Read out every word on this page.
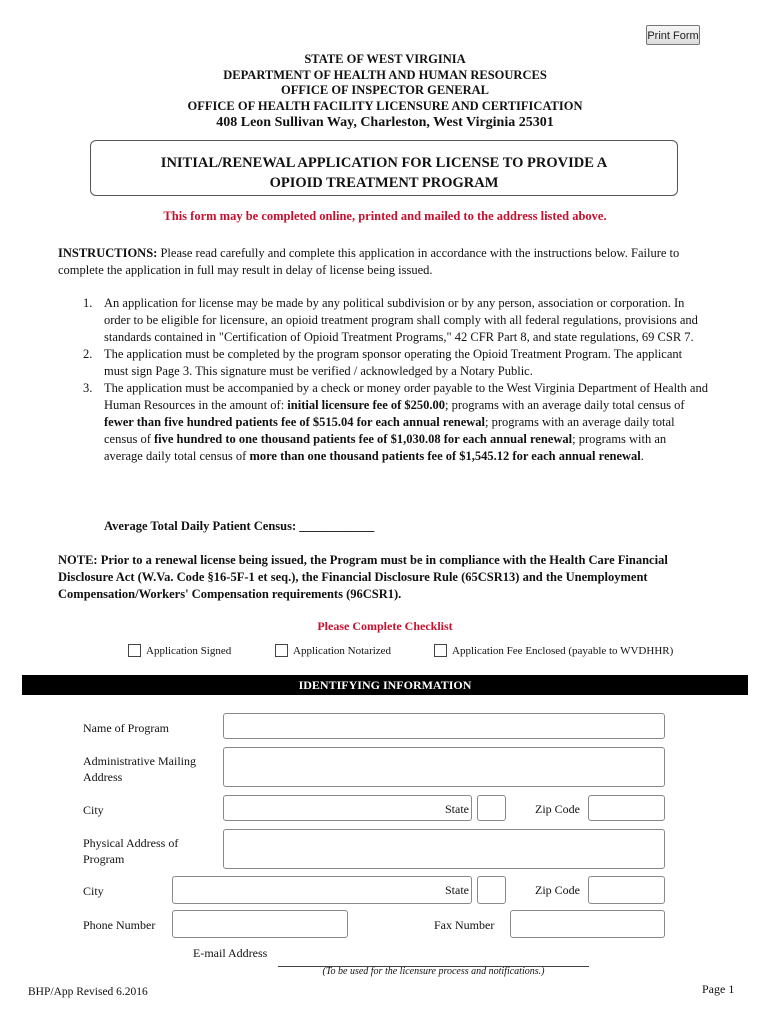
Print Form
STATE OF WEST VIRGINIA
DEPARTMENT OF HEALTH AND HUMAN RESOURCES
OFFICE OF INSPECTOR GENERAL
OFFICE OF HEALTH FACILITY LICENSURE AND CERTIFICATION
408 Leon Sullivan Way, Charleston, West Virginia 25301
INITIAL/RENEWAL APPLICATION FOR LICENSE TO PROVIDE A
OPIOID TREATMENT PROGRAM
This form may be completed online, printed and mailed to the address listed above.
INSTRUCTIONS: Please read carefully and complete this application in accordance with the instructions below. Failure to complete the application in full may result in delay of license being issued.
1. An application for license may be made by any political subdivision or by any person, association or corporation. In order to be eligible for licensure, an opioid treatment program shall comply with all federal regulations, provisions and standards contained in "Certification of Opioid Treatment Programs," 42 CFR Part 8, and state regulations, 69 CSR 7.
2. The application must be completed by the program sponsor operating the Opioid Treatment Program. The applicant must sign Page 3. This signature must be verified / acknowledged by a Notary Public.
3. The application must be accompanied by a check or money order payable to the West Virginia Department of Health and Human Resources in the amount of: initial licensure fee of $250.00; programs with an average daily total census of fewer than five hundred patients fee of $515.04 for each annual renewal; programs with an average daily total census of five hundred to one thousand patients fee of $1,030.08 for each annual renewal; programs with an average daily total census of more than one thousand patients fee of $1,545.12 for each annual renewal.
Average Total Daily Patient Census: ____________
NOTE: Prior to a renewal license being issued, the Program must be in compliance with the Health Care Financial Disclosure Act (W.Va. Code §16-5F-1 et seq.), the Financial Disclosure Rule (65CSR13) and the Unemployment Compensation/Workers' Compensation requirements (96CSR1).
Please Complete Checklist
Application Signed	Application Notarized	Application Fee Enclosed (payable to WVDHHR)
IDENTIFYING INFORMATION
Name of Program
Administrative Mailing Address
City	State	Zip Code
Physical Address of Program
City	State	Zip Code
Phone Number	Fax Number
E-mail Address
(To be used for the licensure process and notifications.)
BHP/App Revised 6.2016	Page 1
